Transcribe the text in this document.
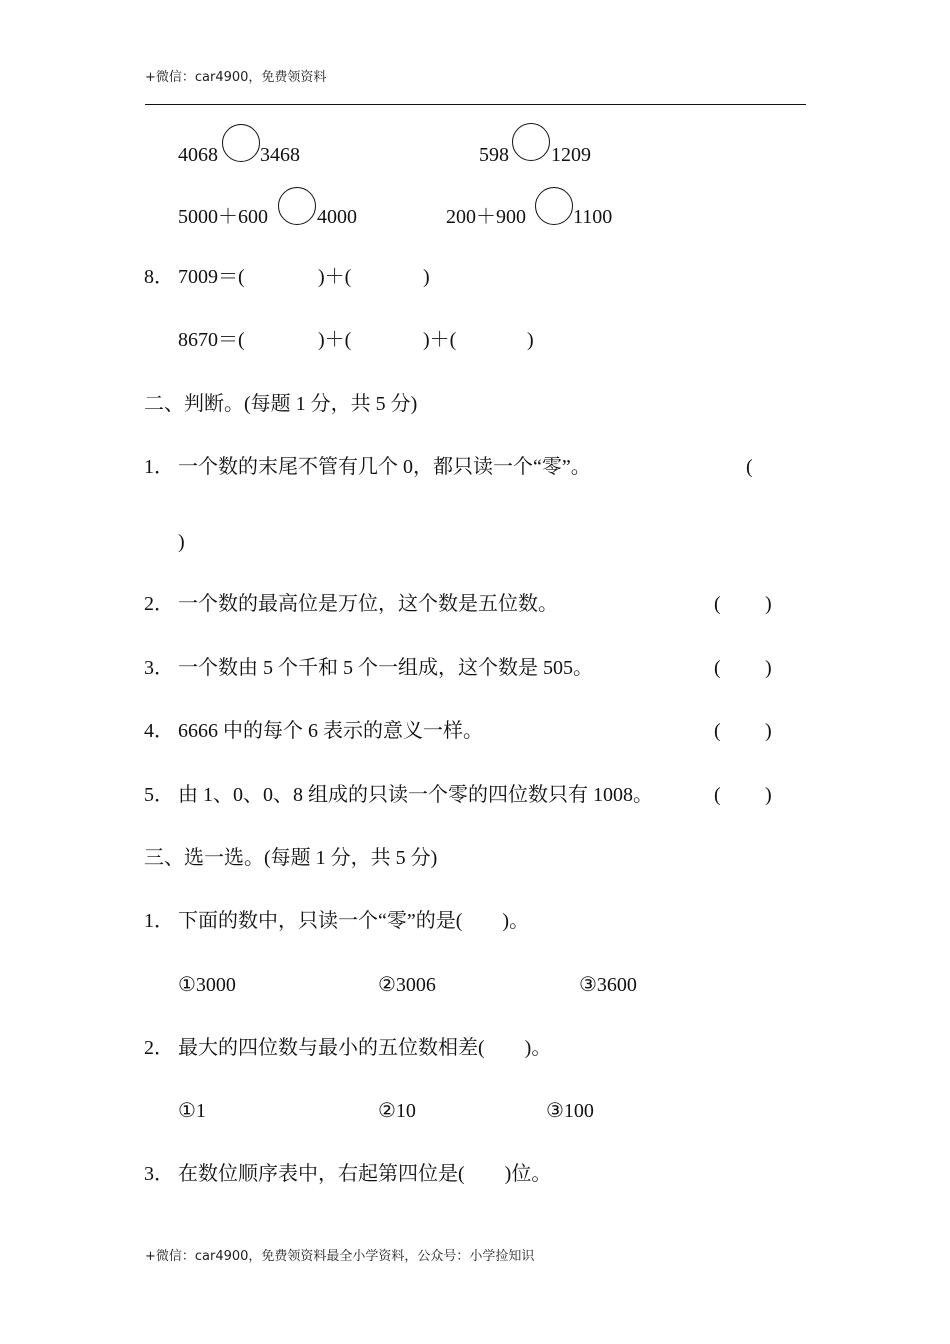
+微信：car4900，免费领资料
4068 3468	598 1209
5000＋600 4000	200＋900 1100
8． 7009＝(	)＋(	)
8670＝(	)＋(	)＋(	)
二、判断。(每题 1 分，共 5 分)
1． 一个数的末尾不管有几个 0，都只读一个“零”。	(
)
2． 一个数的最高位是万位，这个数是五位数。	( )
3． 一个数由 5 个千和 5 个一组成，这个数是 505。	( )
4． 6666 中的每个 6 表示的意义一样。	( )
5． 由 1、0、0、8 组成的只读一个零的四位数只有 1008。	( )
三、选一选。(每题 1 分，共 5 分)
1． 下面的数中，只读一个“零”的是(　　)。
①3000	②3006	③3600
2． 最大的四位数与最小的五位数相差(　　)。
①1	②10	③100
3． 在数位顺序表中，右起第四位是(　　)位。
+微信：car4900，免费领资料最全小学资料，公众号：小学捡知识
